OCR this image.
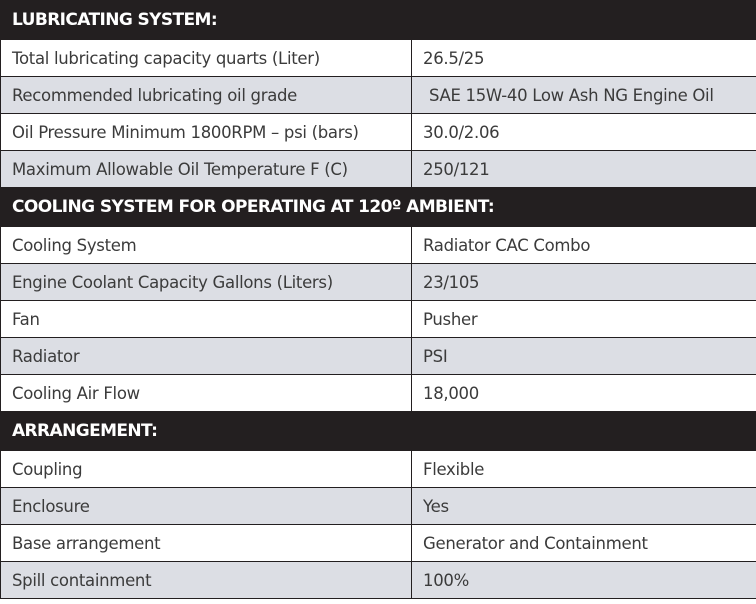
LUBRICATING SYSTEM:	
Total lubricating capacity quarts (Liter)	26.5/25
Recommended lubricating oil grade	SAE 15W-40 Low Ash NG Engine Oil
Oil Pressure Minimum 1800RPM – psi (bars)	30.0/2.06
Maximum Allowable Oil Temperature F (C)	250/121
COOLING SYSTEM FOR OPERATING AT 120º AMBIENT:	
Cooling System	Radiator CAC Combo
Engine Coolant Capacity Gallons (Liters)	23/105
Fan	Pusher
Radiator	PSI
Cooling Air Flow	18,000
ARRANGEMENT:	
Coupling	Flexible
Enclosure	Yes
Base arrangement	Generator and Containment
Spill containment	100%
